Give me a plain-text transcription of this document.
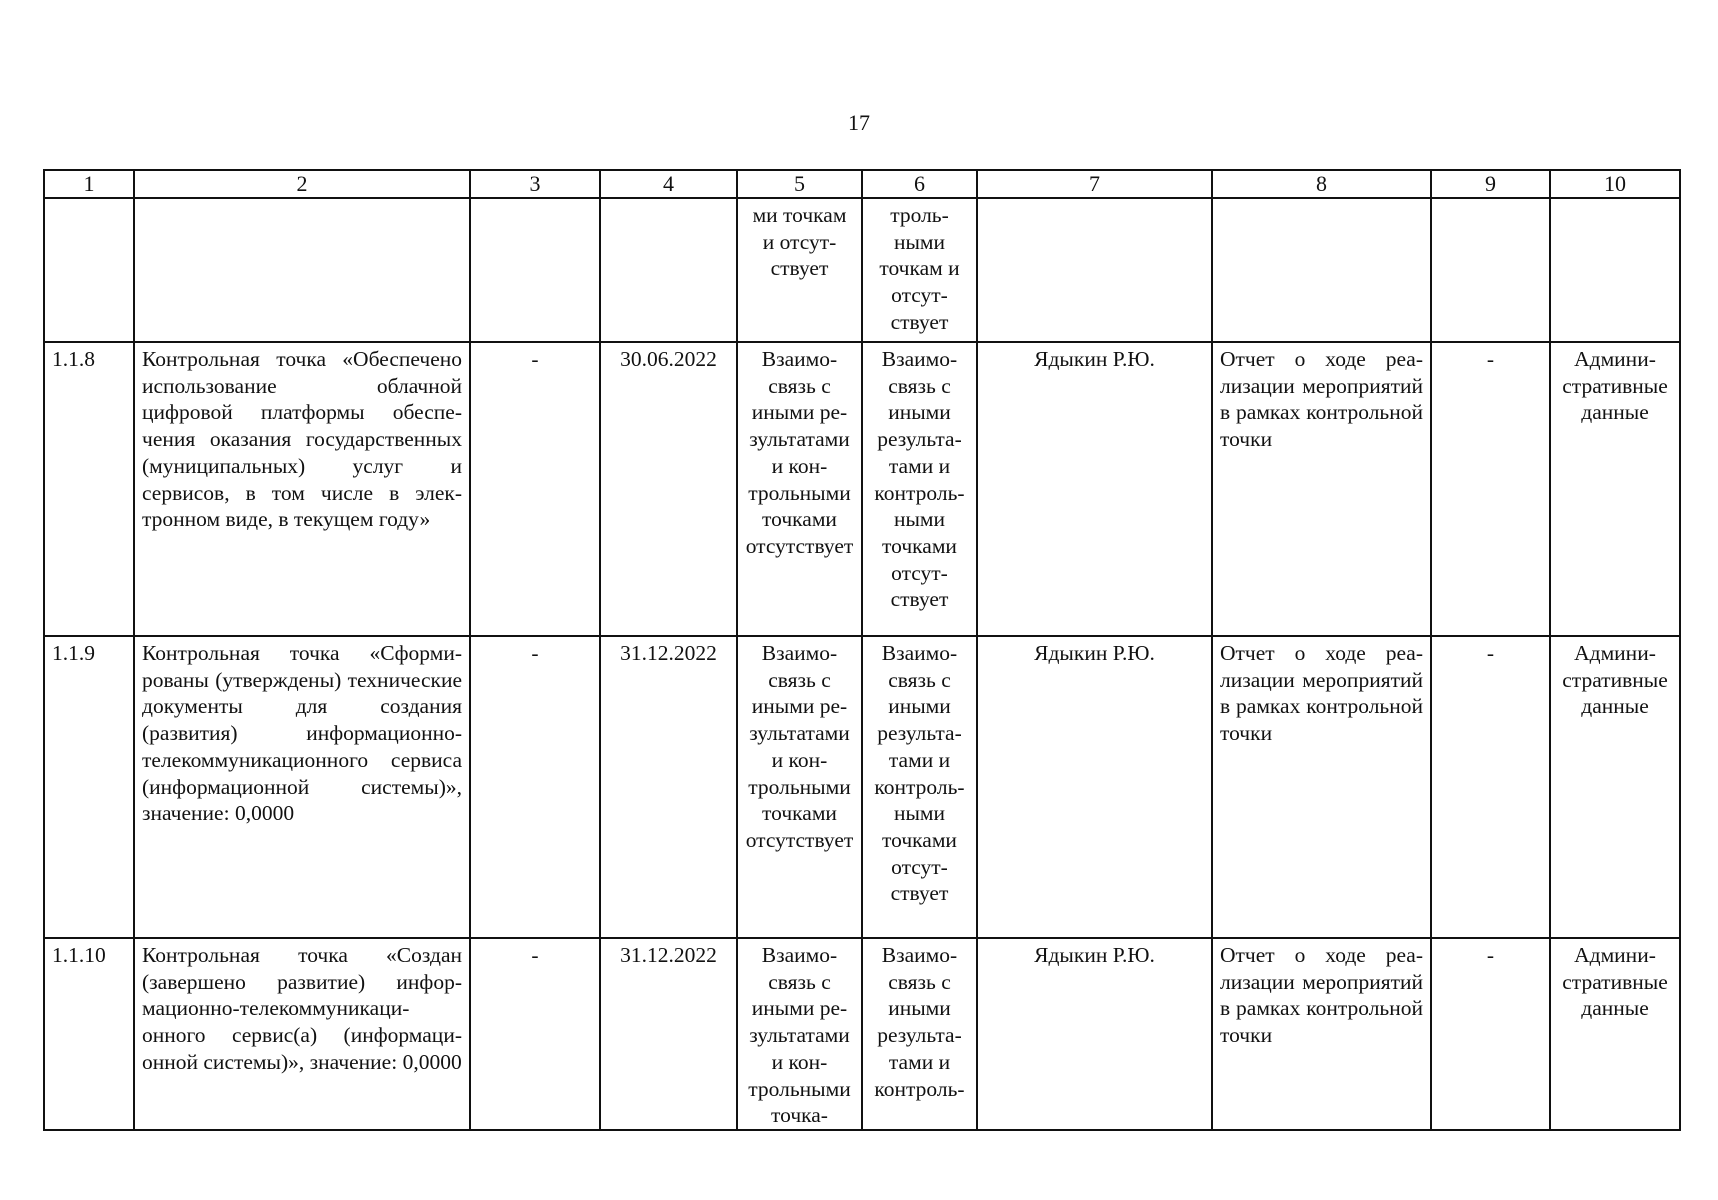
17
1	2	3	4	5	6	7	8	9	10
				ми точкам и отсутствует	трольными точкам и отсутствует				
1.1.8	Контрольная точка «Обеспечено использование облачной цифровой платформы обеспечения оказания государственных (муниципальных) услуг и сервисов, в том числе в электронном виде, в текущем году»	-	30.06.2022	Взаимосвязь с иными результатами и контрольными точками отсутствует	Взаимосвязь с иными результатами и контрольными точками отсутствует	Ядыкин Р.Ю.	Отчет о ходе реализации мероприятий в рамках контрольной точки	-	Административные данные
1.1.9	Контрольная точка «Сформированы (утверждены) технические документы для создания (развития) информационно-телекоммуникационного сервиса (информационной системы)», значение: 0,0000	-	31.12.2022	Взаимосвязь с иными результатами и контрольными точками отсутствует	Взаимосвязь с иными результатами и контрольными точками отсутствует	Ядыкин Р.Ю.	Отчет о ходе реализации мероприятий в рамках контрольной точки	-	Административные данные
1.1.10	Контрольная точка «Создан (завершено развитие) информационно-телекоммуникационного сервис(а) (информационной системы)», значение: 0,0000	-	31.12.2022	Взаимосвязь с иными результатами и контрольными точка-	Взаимосвязь с иными результатами и контроль-	Ядыкин Р.Ю.	Отчет о ходе реализации мероприятий в рамках контрольной точки	-	Административные данные
